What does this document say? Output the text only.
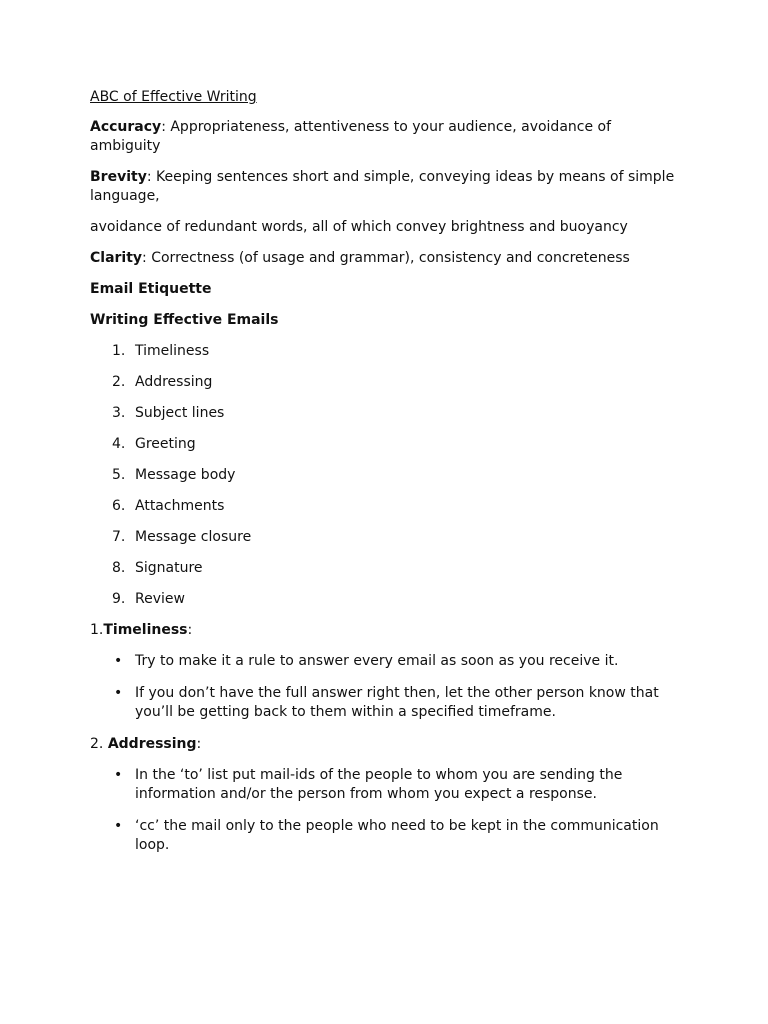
ABC of Effective Writing
Accuracy: Appropriateness, attentiveness to your audience, avoidance of ambiguity
Brevity: Keeping sentences short and simple, conveying ideas by means of simple language,
avoidance of redundant words, all of which convey brightness and buoyancy
Clarity: Correctness (of usage and grammar), consistency and concreteness
Email Etiquette
Writing Effective Emails
1. Timeliness
2. Addressing
3. Subject lines
4. Greeting
5. Message body
6. Attachments
7. Message closure
8. Signature
9. Review
1.Timeliness:
• Try to make it a rule to answer every email as soon as you receive it.
• If you don’t have the full answer right then, let the other person know that you’ll be getting back to them within a specified timeframe.
2. Addressing:
• In the ‘to’ list put mail-ids of the people to whom you are sending the information and/or the person from whom you expect a response.
• ‘cc’ the mail only to the people who need to be kept in the communication loop.
